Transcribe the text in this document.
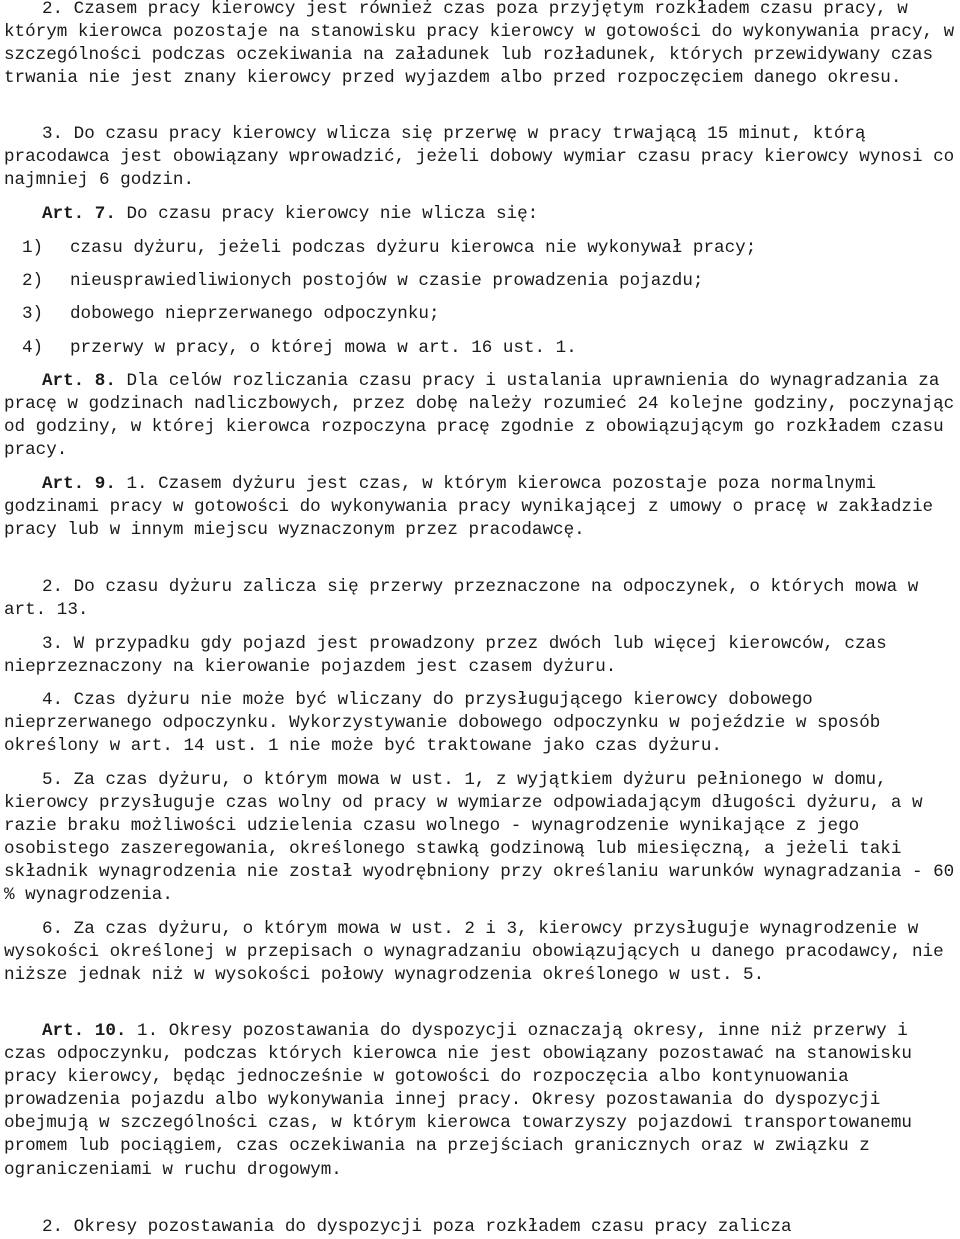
2. Czasem pracy kierowcy jest również czas poza przyjętym rozkładem czasu pracy, w którym kierowca pozostaje na stanowisku pracy kierowcy w gotowości do wykonywania pracy, w szczególności podczas oczekiwania na załadunek lub rozładunek, których przewidywany czas trwania nie jest znany kierowcy przed wyjazdem albo przed rozpoczęciem danego okresu.

3. Do czasu pracy kierowcy wlicza się przerwę w pracy trwającą 15 minut, którą pracodawca jest obowiązany wprowadzić, jeżeli dobowy wymiar czasu pracy kierowcy wynosi co najmniej 6 godzin.

Art. 7. Do czasu pracy kierowcy nie wlicza się:

1) czasu dyżuru, jeżeli podczas dyżuru kierowca nie wykonywał pracy;

2) nieusprawiedliwionych postojów w czasie prowadzenia pojazdu;

3) dobowego nieprzerwanego odpoczynku;

4) przerwy w pracy, o której mowa w art. 16 ust. 1.

Art. 8. Dla celów rozliczania czasu pracy i ustalania uprawnienia do wynagradzania za pracę w godzinach nadliczbowych, przez dobę należy rozumieć 24 kolejne godziny, poczynając od godziny, w której kierowca rozpoczyna pracę zgodnie z obowiązującym go rozkładem czasu pracy.

Art. 9. 1. Czasem dyżuru jest czas, w którym kierowca pozostaje poza normalnymi godzinami pracy w gotowości do wykonywania pracy wynikającej z umowy o pracę w zakładzie pracy lub w innym miejscu wyznaczonym przez pracodawcę.

2. Do czasu dyżuru zalicza się przerwy przeznaczone na odpoczynek, o których mowa w art. 13.

3. W przypadku gdy pojazd jest prowadzony przez dwóch lub więcej kierowców, czas nieprzeznaczony na kierowanie pojazdem jest czasem dyżuru.

4. Czas dyżuru nie może być wliczany do przysługującego kierowcy dobowego nieprzerwanego odpoczynku. Wykorzystywanie dobowego odpoczynku w pojeździe w sposób określony w art. 14 ust. 1 nie może być traktowane jako czas dyżuru.

5. Za czas dyżuru, o którym mowa w ust. 1, z wyjątkiem dyżuru pełnionego w domu, kierowcy przysługuje czas wolny od pracy w wymiarze odpowiadającym długości dyżuru, a w razie braku możliwości udzielenia czasu wolnego - wynagrodzenie wynikające z jego osobistego zaszeregowania, określonego stawką godzinową lub miesięczną, a jeżeli taki składnik wynagrodzenia nie został wyodrębniony przy określaniu warunków wynagradzania - 60 % wynagrodzenia.

6. Za czas dyżuru, o którym mowa w ust. 2 i 3, kierowcy przysługuje wynagrodzenie w wysokości określonej w przepisach o wynagradzaniu obowiązujących u danego pracodawcy, nie niższe jednak niż w wysokości połowy wynagrodzenia określonego w ust. 5.

Art. 10. 1. Okresy pozostawania do dyspozycji oznaczają okresy, inne niż przerwy i czas odpoczynku, podczas których kierowca nie jest obowiązany pozostawać na stanowisku pracy kierowcy, będąc jednocześnie w gotowości do rozpoczęcia albo kontynuowania prowadzenia pojazdu albo wykonywania innej pracy. Okresy pozostawania do dyspozycji obejmują w szczególności czas, w którym kierowca towarzyszy pojazdowi transportowanemu promem lub pociągiem, czas oczekiwania na przejściach granicznych oraz w związku z ograniczeniami w ruchu drogowym.

2. Okresy pozostawania do dyspozycji poza rozkładem czasu pracy zalicza
